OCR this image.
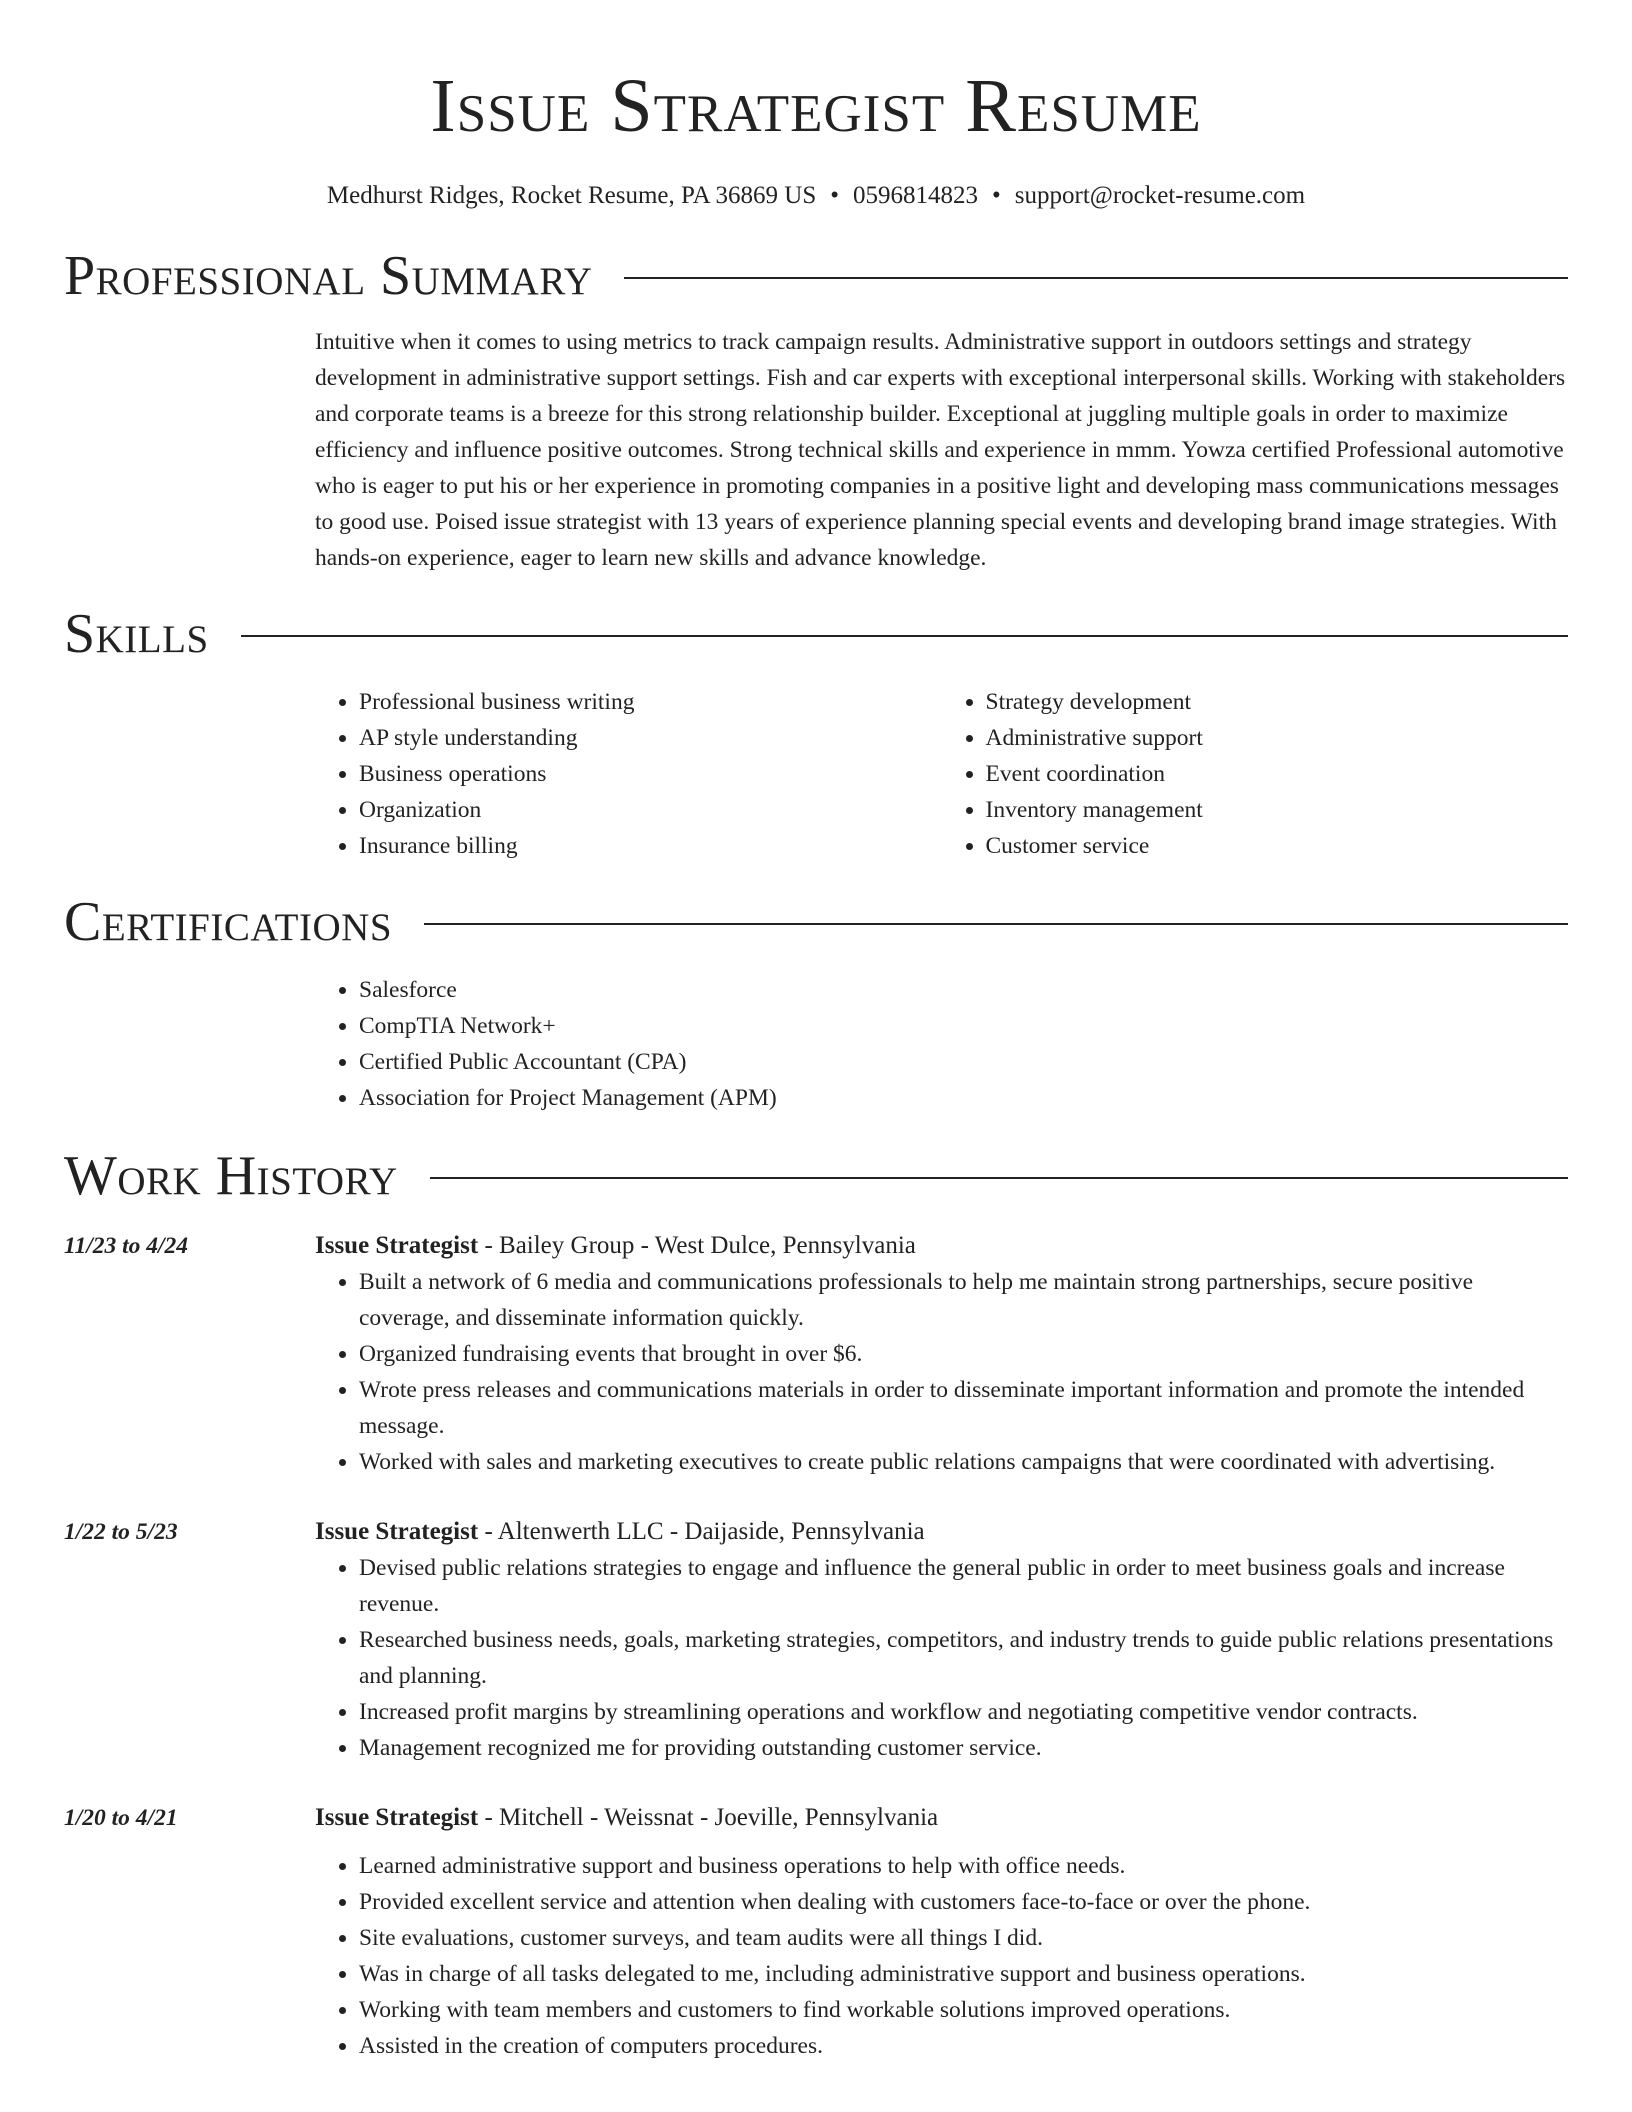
Issue Strategist Resume
Medhurst Ridges, Rocket Resume, PA 36869 US • 0596814823 • support@rocket-resume.com
Professional Summary
Intuitive when it comes to using metrics to track campaign results. Administrative support in outdoors settings and strategy development in administrative support settings. Fish and car experts with exceptional interpersonal skills. Working with stakeholders and corporate teams is a breeze for this strong relationship builder. Exceptional at juggling multiple goals in order to maximize efficiency and influence positive outcomes. Strong technical skills and experience in mmm. Yowza certified Professional automotive who is eager to put his or her experience in promoting companies in a positive light and developing mass communications messages to good use. Poised issue strategist with 13 years of experience planning special events and developing brand image strategies. With hands-on experience, eager to learn new skills and advance knowledge.
Skills
• Professional business writing
• AP style understanding
• Business operations
• Organization
• Insurance billing
• Strategy development
• Administrative support
• Event coordination
• Inventory management
• Customer service
Certifications
• Salesforce
• CompTIA Network+
• Certified Public Accountant (CPA)
• Association for Project Management (APM)
Work History
11/23 to 4/24	Issue Strategist - Bailey Group - West Dulce, Pennsylvania
• Built a network of 6 media and communications professionals to help me maintain strong partnerships, secure positive coverage, and disseminate information quickly.
• Organized fundraising events that brought in over $6.
• Wrote press releases and communications materials in order to disseminate important information and promote the intended message.
• Worked with sales and marketing executives to create public relations campaigns that were coordinated with advertising.
1/22 to 5/23	Issue Strategist - Altenwerth LLC - Daijaside, Pennsylvania
• Devised public relations strategies to engage and influence the general public in order to meet business goals and increase revenue.
• Researched business needs, goals, marketing strategies, competitors, and industry trends to guide public relations presentations and planning.
• Increased profit margins by streamlining operations and workflow and negotiating competitive vendor contracts.
• Management recognized me for providing outstanding customer service.
1/20 to 4/21	Issue Strategist - Mitchell - Weissnat - Joeville, Pennsylvania
• Learned administrative support and business operations to help with office needs.
• Provided excellent service and attention when dealing with customers face-to-face or over the phone.
• Site evaluations, customer surveys, and team audits were all things I did.
• Was in charge of all tasks delegated to me, including administrative support and business operations.
• Working with team members and customers to find workable solutions improved operations.
• Assisted in the creation of computers procedures.
